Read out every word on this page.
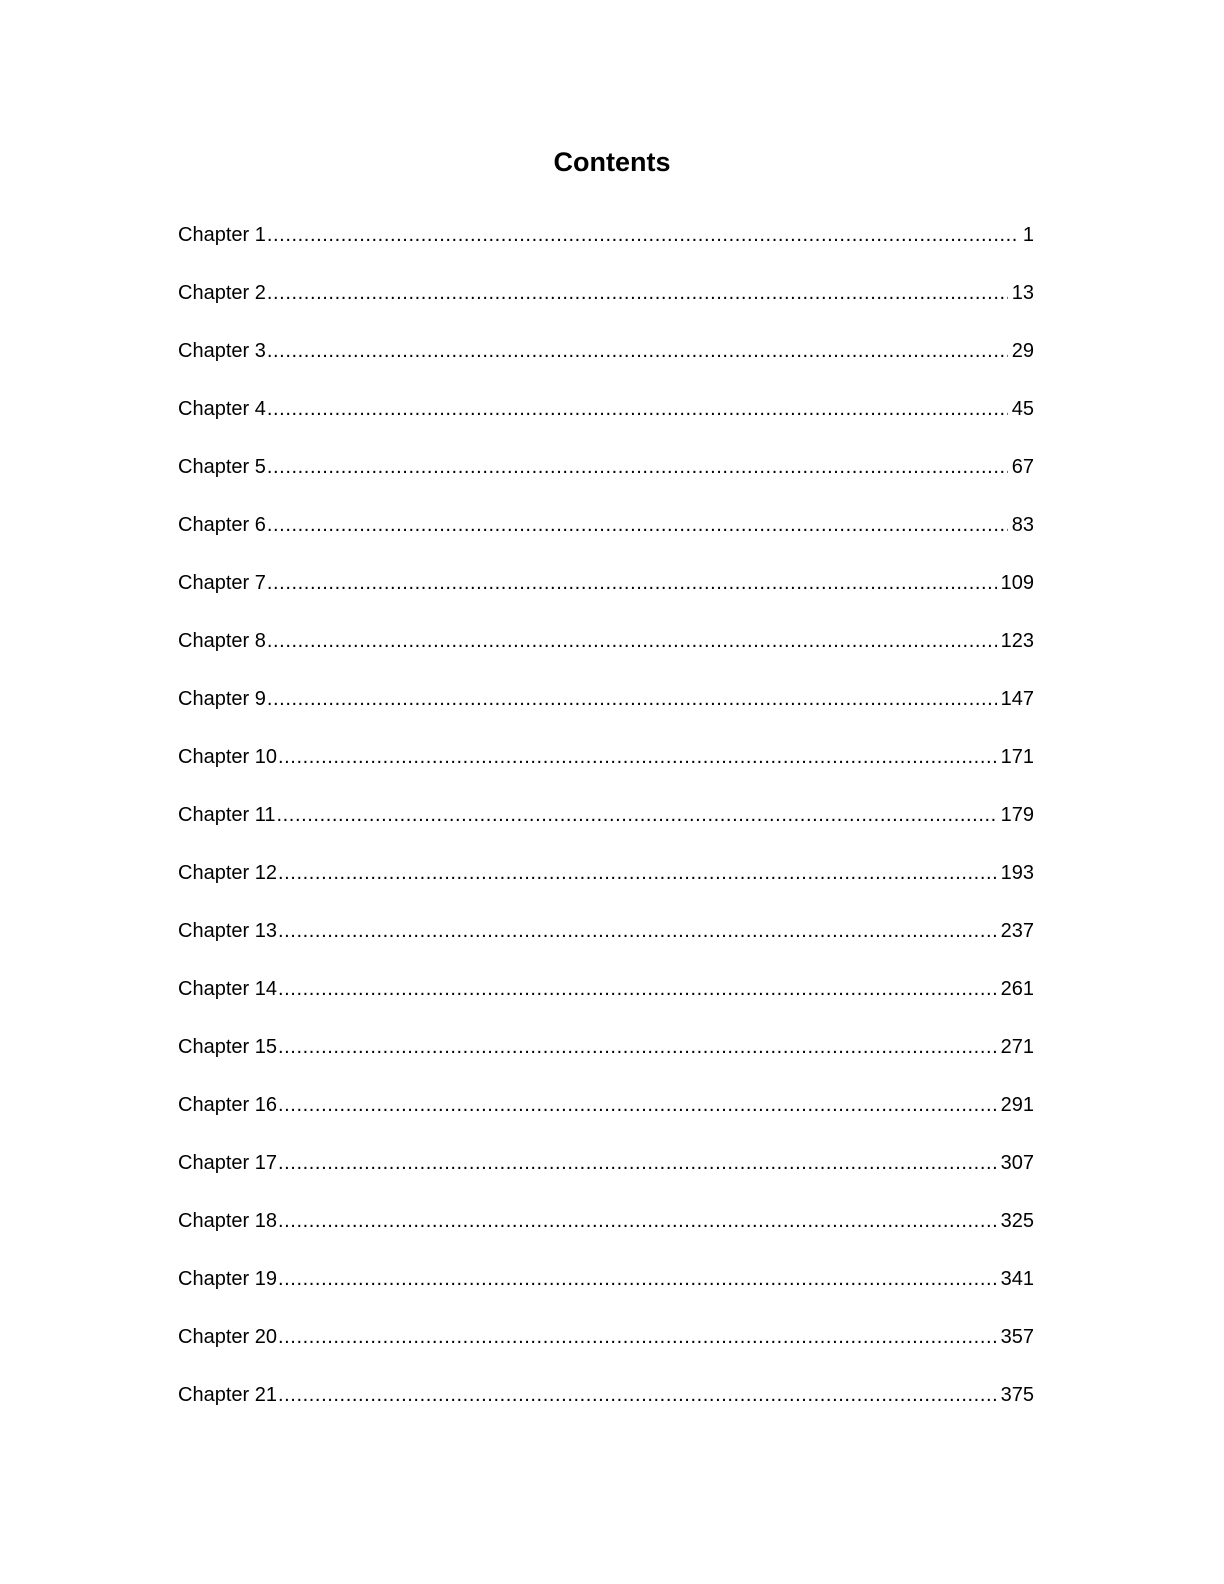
Contents
Chapter 1 .....	1
Chapter 2 .....	13
Chapter 3 .....	29
Chapter 4 .....	45
Chapter 5 .....	67
Chapter 6 .....	83
Chapter 7 .....	109
Chapter 8 .....	123
Chapter 9 .....	147
Chapter 10 .....	171
Chapter 11 .....	179
Chapter 12 .....	193
Chapter 13 .....	237
Chapter 14 .....	261
Chapter 15 .....	271
Chapter 16 .....	291
Chapter 17 .....	307
Chapter 18 .....	325
Chapter 19 .....	341
Chapter 20 .....	357
Chapter 21 .....	375
